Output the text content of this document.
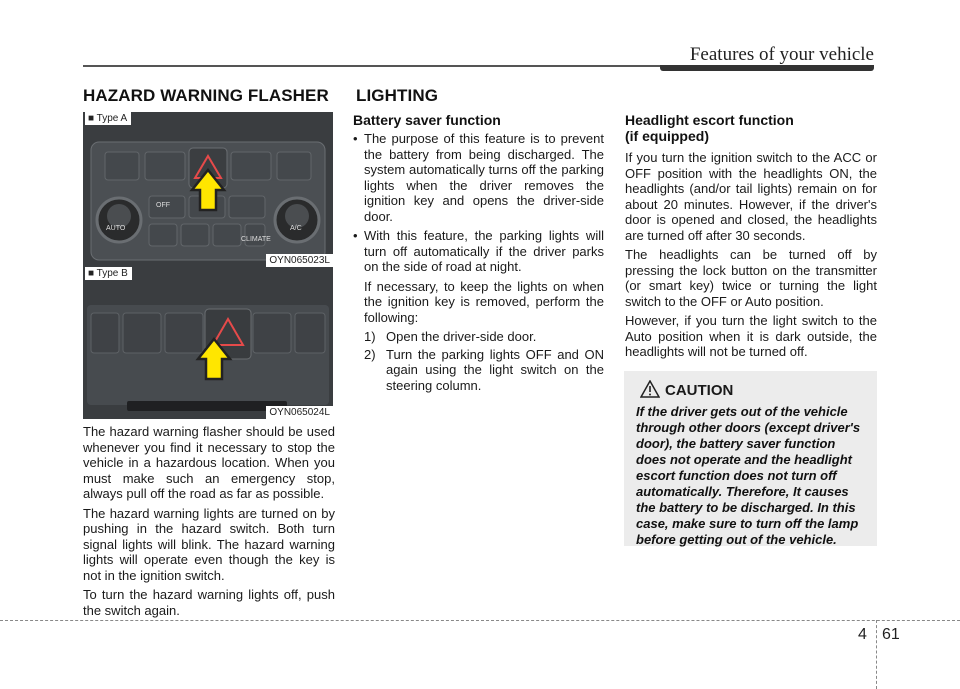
Features of your vehicle
HAZARD WARNING FLASHER
OFF
AUTO	A/C
CLIMATE
■ Type A
OYN065023L
■ Type B
OYN065024L

The hazard warning flasher should be used whenever you find it necessary to stop the vehicle in a hazardous location. When you must make such an emergency stop, always pull off the road as far as possible.

The hazard warning lights are turned on by pushing in the hazard switch. Both turn signal lights will blink. The hazard warning lights will operate even though the key is not in the ignition switch.

To turn the hazard warning lights off, push the switch again.

LIGHTING
Battery saver function
• The purpose of this feature is to prevent the battery from being discharged. The system automatically turns off the parking lights when the driver removes the ignition key and opens the driver-side door.
• With this feature, the parking lights will turn off automatically if the driver parks on the side of road at night.
If necessary, to keep the lights on when the ignition key is removed, perform the following:
1) Open the driver-side door.
2) Turn the parking lights OFF and ON again using the light switch on the steering column.
Headlight escort function
(if equipped)

If you turn the ignition switch to the ACC or OFF position with the headlights ON, the headlights (and/or tail lights) remain on for about 20 minutes. However, if the driver's door is opened and closed, the headlights are turned off after 30 seconds.

The headlights can be turned off by pressing the lock button on the transmitter (or smart key) twice or turning the light switch to the OFF or Auto position.

However, if you turn the light switch to the Auto position when it is dark outside, the headlights will not be turned off.

CAUTION
If the driver gets out of the vehicle through other doors (except driver's door), the battery saver function does not operate and the headlight escort function does not turn off automatically. Therefore, It causes the battery to be discharged. In this case, make sure to turn off the lamp before getting out of the vehicle.
4 61
